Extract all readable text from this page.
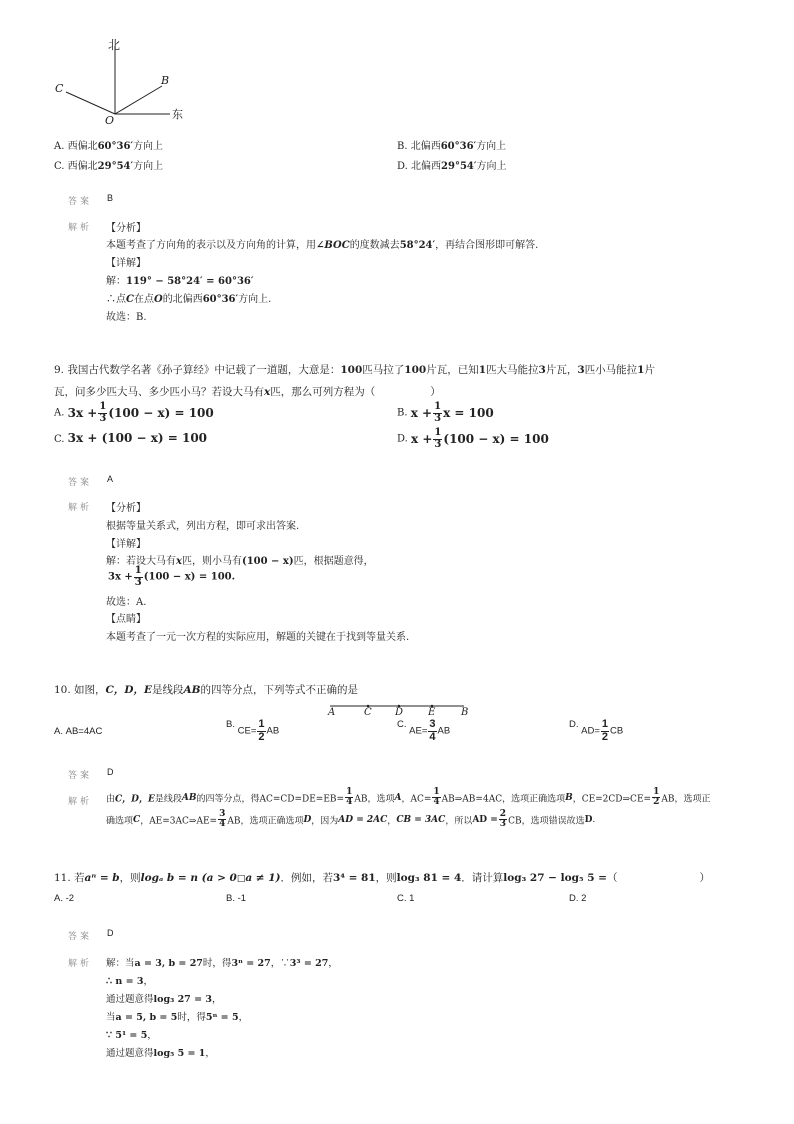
北
东
B
C
O
A. 西偏北60°36′方向上	B. 北偏西60°36′方向上
C. 西偏北29°54′方向上	D. 北偏西29°54′方向上
答案 B
解析 【分析】
本题考查了方向角的表示以及方向角的计算，用∠BOC的度数减去58°24′，再结合图形即可解答.
【详解】
解：119° − 58°24′ = 60°36′
∴点C在点O的北偏西60°36′方向上.
故选：B.
9. 我国古代数学名著《孙子算经》中记载了一道题，大意是：100匹马拉了100片瓦，已知1匹大马能拉3片瓦，3匹小马能拉1片
瓦，问多少匹大马、多少匹小马？若设大马有x匹，那么可列方程为（	）
A. $3x + \frac{1}{3} (100 - x) = 100$	B. $x + \frac{1}{3}$ x = 100
C. 3x + (100 − x) = 100	D. $x + \frac{1}{3} (100 - x) = 100$
答案 A
解析 【分析】
根据等量关系式，列出方程，即可求出答案.
【详解】
解：若设大马有x匹，则小马有(100 − x)匹，根据题意得，
$3x + \frac{1}{3} (100 - x) = 100$.
故选：A.
【点睛】
本题考查了一元一次方程的实际应用，解题的关键在于找到等量关系.
10. 如图，C，D，E是线段AB的四等分点，下列等式不正确的是
A	C D E	B
A. AB=4AC
B. $CE= \frac{1}{2}$ AB
C. $AE= \frac{3}{4}$ AB
D. $AD= \frac{1}{2}$ CB
答案 D
解析 由C，D，E是线段AB的四等分点，得$AC=CD=DE=EB= \frac{1}{4}$ AB，选项A，$AC= \frac{1}{4}$ AB⇒AB=4AC，选项正确选项B，CE=2CD⇒CE= $\frac{1}{2}$ AB，选项正
确选项C，AE=3AC⇒AE= $\frac{3}{4}$ AB，选项正确选项D，因为AD = 2AC，CB = 3AC，所以AD = $\frac{2}{3}$ CB，选项错误故选D.
11. 若aⁿ = b，则logₐ b = n (a > 0□a ≠ 1)．例如，若3⁴ = 81，则log₃ 81 = 4．请计算log₃ 27 − log₅ 5 =（	）
A. -2	B. -1	C. 1	D. 2
答案 D
解析 解：当a = 3, b = 27时，得3ⁿ = 27，∵3³ = 27，
∴ n = 3，
通过题意得log₃ 27 = 3，
当a = 5, b = 5时，得5ⁿ = 5，
∵ 5¹ = 5，
通过题意得log₅ 5 = 1，
